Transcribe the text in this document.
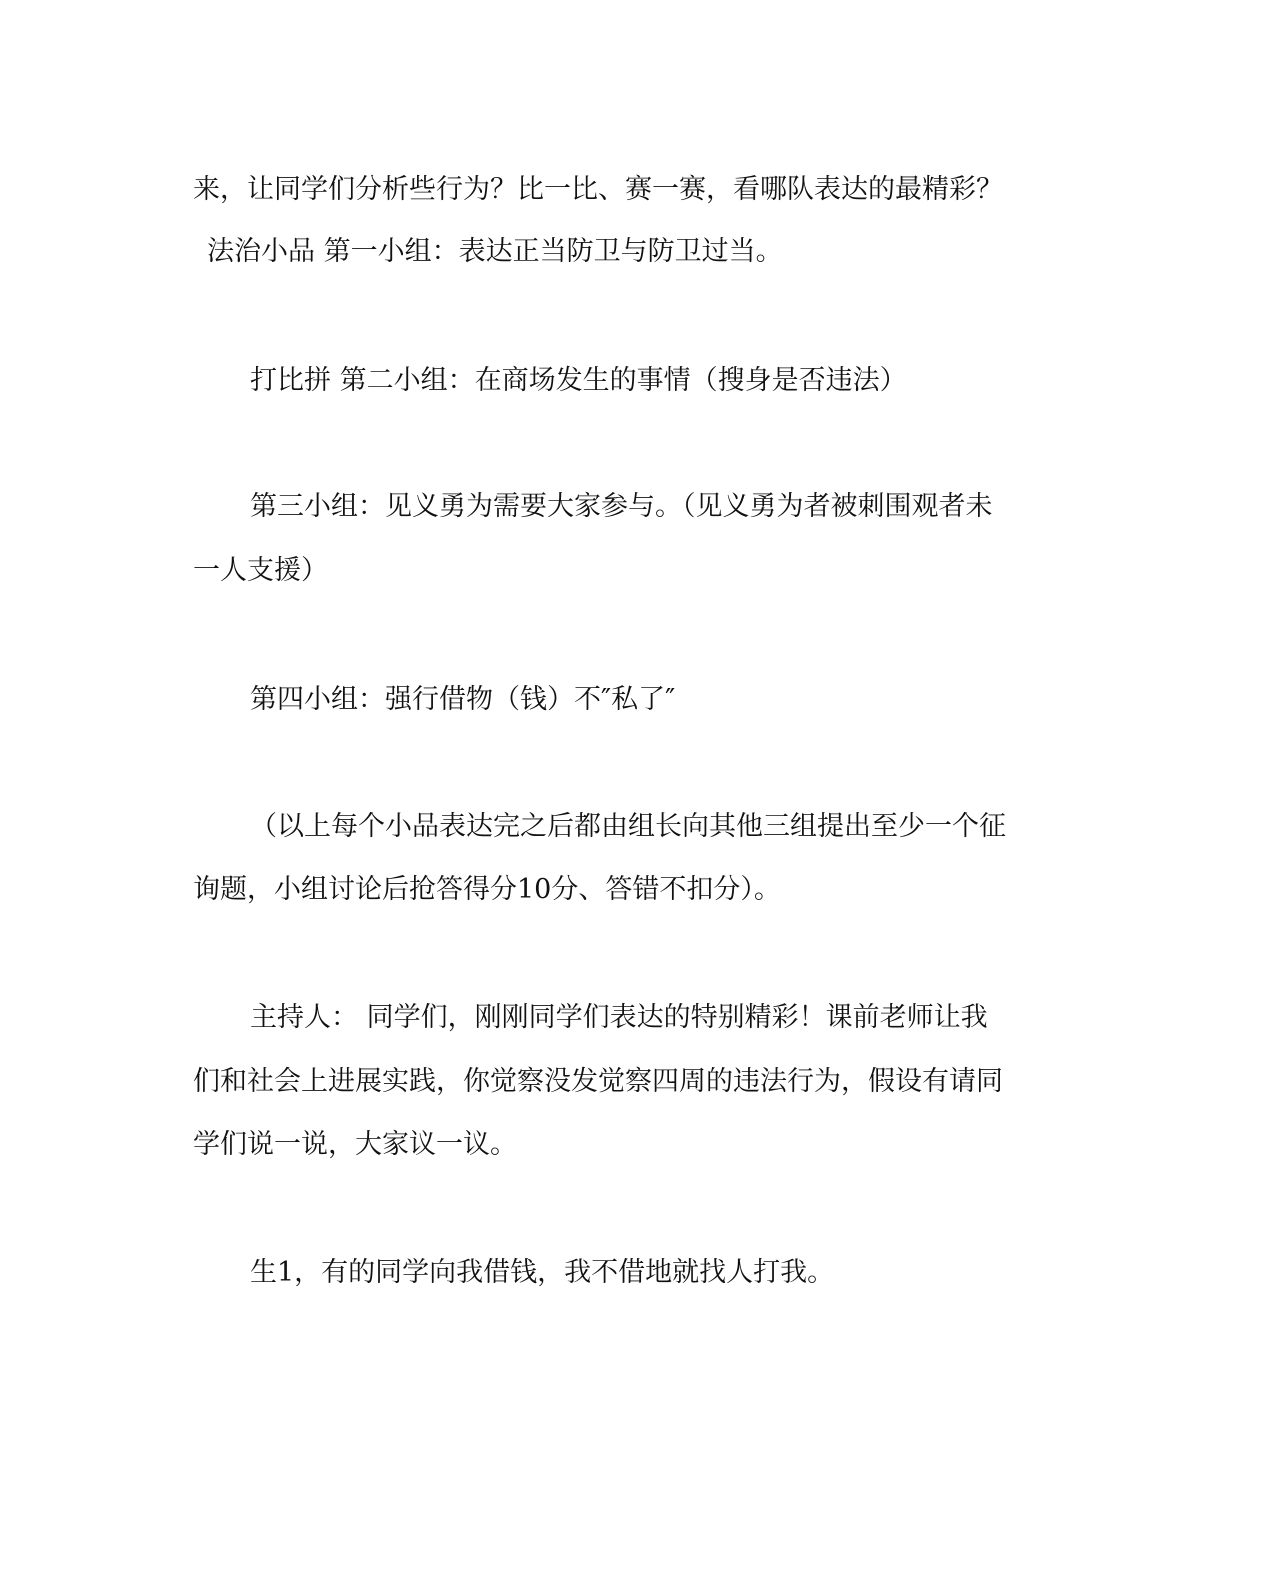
来，让同学们分析些行为？比一比、赛一赛，看哪队表达的最精彩？
法治小品 第一小组：表达正当防卫与防卫过当。
打比拼 第二小组：在商场发生的事情（搜身是否违法）
第三小组：见义勇为需要大家参与。（见义勇为者被刺围观者未
一人支援）
第四小组：强行借物（钱）不″私了″
（以上每个小品表达完之后都由组长向其他三组提出至少一个征
询题，小组讨论后抢答得分10分、答错不扣分）。
主持人： 同学们，刚刚同学们表达的特别精彩！课前老师让我
们和社会上进展实践，你觉察没发觉察四周的违法行为，假设有请同
学们说一说，大家议一议。
生1，有的同学向我借钱，我不借地就找人打我。
